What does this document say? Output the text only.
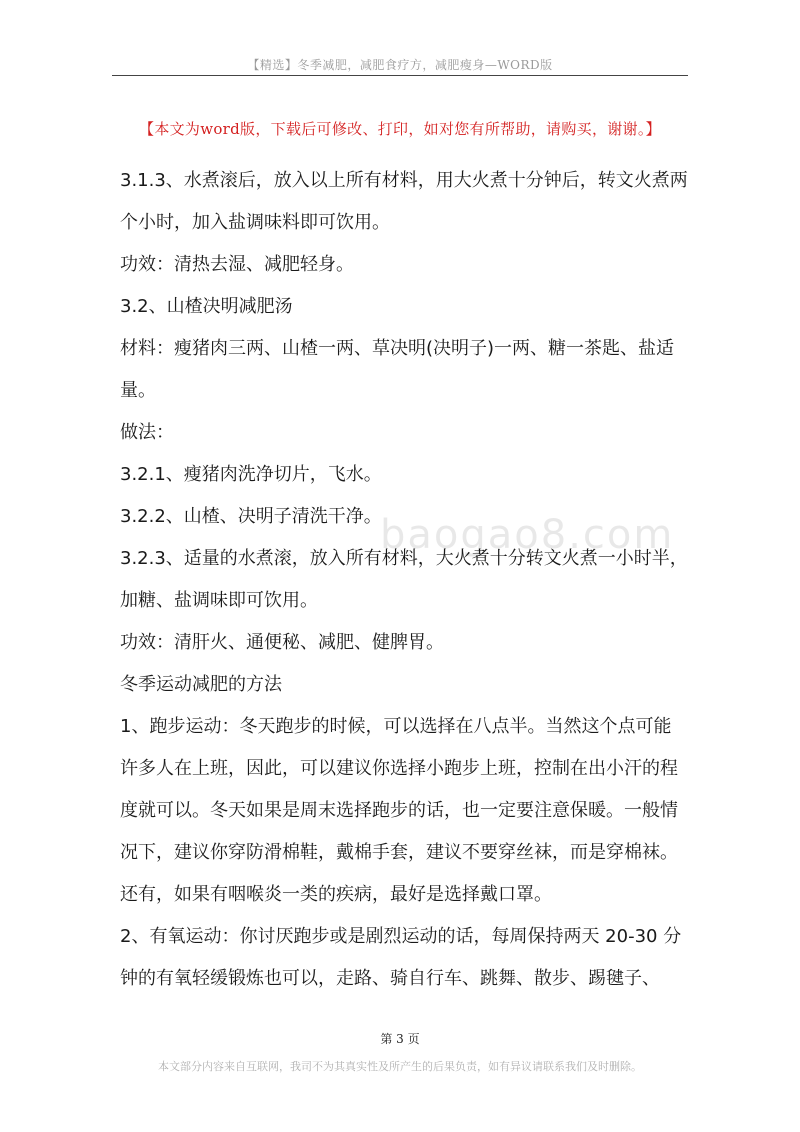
【精选】冬季减肥，减肥食疗方，减肥瘦身—WORD版
【本文为word版，下载后可修改、打印，如对您有所帮助，请购买，谢谢。】

3.1.3、水煮滚后，放入以上所有材料，用大火煮十分钟后，转文火煮两个小时，加入盐调味料即可饮用。

功效：清热去湿、减肥轻身。

3.2、山楂决明减肥汤

材料：瘦猪肉三两、山楂一两、草决明(决明子)一两、糖一茶匙、盐适量。

做法：

3.2.1、瘦猪肉洗净切片，飞水。

3.2.2、山楂、决明子清洗干净。

3.2.3、适量的水煮滚，放入所有材料，大火煮十分转文火煮一小时半，加糖、盐调味即可饮用。

功效：清肝火、通便秘、减肥、健脾胃。

冬季运动减肥的方法

1、跑步运动：冬天跑步的时候，可以选择在八点半。当然这个点可能许多人在上班，因此，可以建议你选择小跑步上班，控制在出小汗的程度就可以。冬天如果是周末选择跑步的话，也一定要注意保暖。一般情况下，建议你穿防滑棉鞋，戴棉手套，建议不要穿丝袜，而是穿棉袜。还有，如果有咽喉炎一类的疾病，最好是选择戴口罩。

2、有氧运动：你讨厌跑步或是剧烈运动的话，每周保持两天 20-30 分钟的有氧轻缓锻炼也可以，走路、骑自行车、跳舞、散步、踢毽子、

baogao8.com
第 3 页
本文部分内容来自互联网，我司不为其真实性及所产生的后果负责，如有异议请联系我们及时删除。
